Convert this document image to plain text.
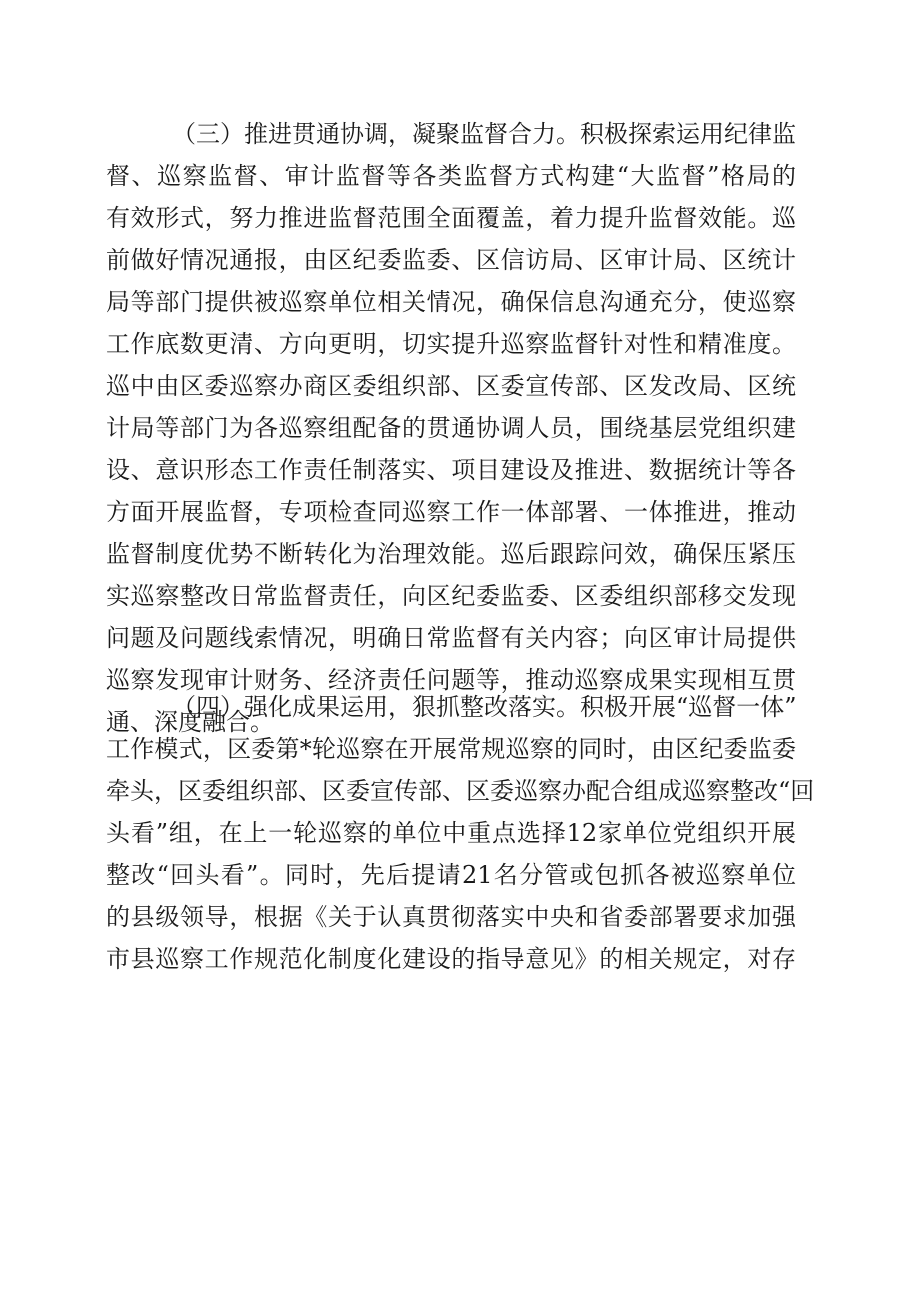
（三）推进贯通协调，凝聚监督合力。积极探索运用纪律监
督、巡察监督、审计监督等各类监督方式构建“大监督”格局的
有效形式，努力推进监督范围全面覆盖，着力提升监督效能。巡
前做好情况通报，由区纪委监委、区信访局、区审计局、区统计
局等部门提供被巡察单位相关情况，确保信息沟通充分，使巡察
工作底数更清、方向更明，切实提升巡察监督针对性和精准度。
巡中由区委巡察办商区委组织部、区委宣传部、区发改局、区统
计局等部门为各巡察组配备的贯通协调人员，围绕基层党组织建
设、意识形态工作责任制落实、项目建设及推进、数据统计等各
方面开展监督，专项检查同巡察工作一体部署、一体推进，推动
监督制度优势不断转化为治理效能。巡后跟踪问效，确保压紧压
实巡察整改日常监督责任，向区纪委监委、区委组织部移交发现
问题及问题线索情况，明确日常监督有关内容；向区审计局提供
巡察发现审计财务、经济责任问题等，推动巡察成果实现相互贯
通、深度融合。
（四）强化成果运用，狠抓整改落实。积极开展“巡督一体”
工作模式，区委第*轮巡察在开展常规巡察的同时，由区纪委监委
牵头，区委组织部、区委宣传部、区委巡察办配合组成巡察整改“回
头看”组，在上一轮巡察的单位中重点选择12家单位党组织开展
整改“回头看”。同时，先后提请21名分管或包抓各被巡察单位
的县级领导，根据《关于认真贯彻落实中央和省委部署要求加强
市县巡察工作规范化制度化建设的指导意见》的相关规定，对存
